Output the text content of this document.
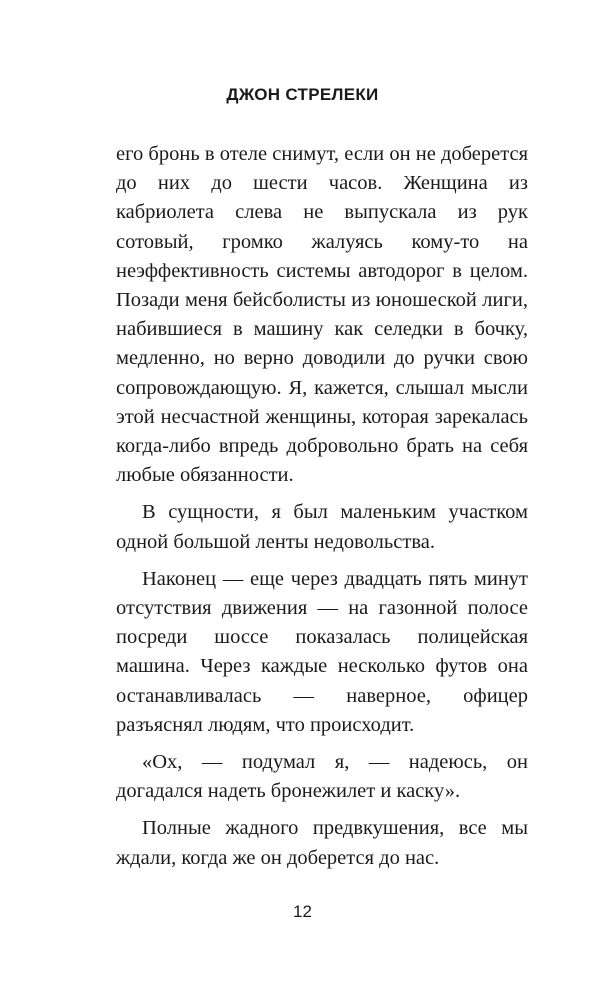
ДЖОН СТРЕЛЕКИ

его бронь в отеле снимут, если он не доберется до них до шести часов. Женщина из кабриолета слева не выпускала из рук сотовый, громко жалуясь кому-то на неэффективность системы автодорог в целом. Позади меня бейсболисты из юношеской лиги, набившиеся в машину как селедки в бочку, медленно, но верно доводили до ручки свою сопровождающую. Я, кажется, слышал мысли этой несчастной женщины, которая зарекалась когда-либо впредь добровольно брать на себя любые обязанности.

В сущности, я был маленьким участком одной большой ленты недовольства.

Наконец — еще через двадцать пять минут отсутствия движения — на газонной полосе посреди шоссе показалась полицейская машина. Через каждые несколько футов она останавливалась — наверное, офицер разъяснял людям, что происходит.

«Ох, — подумал я, — надеюсь, он догадался надеть бронежилет и каску».

Полные жадного предвкушения, все мы ждали, когда же он доберется до нас.

12
